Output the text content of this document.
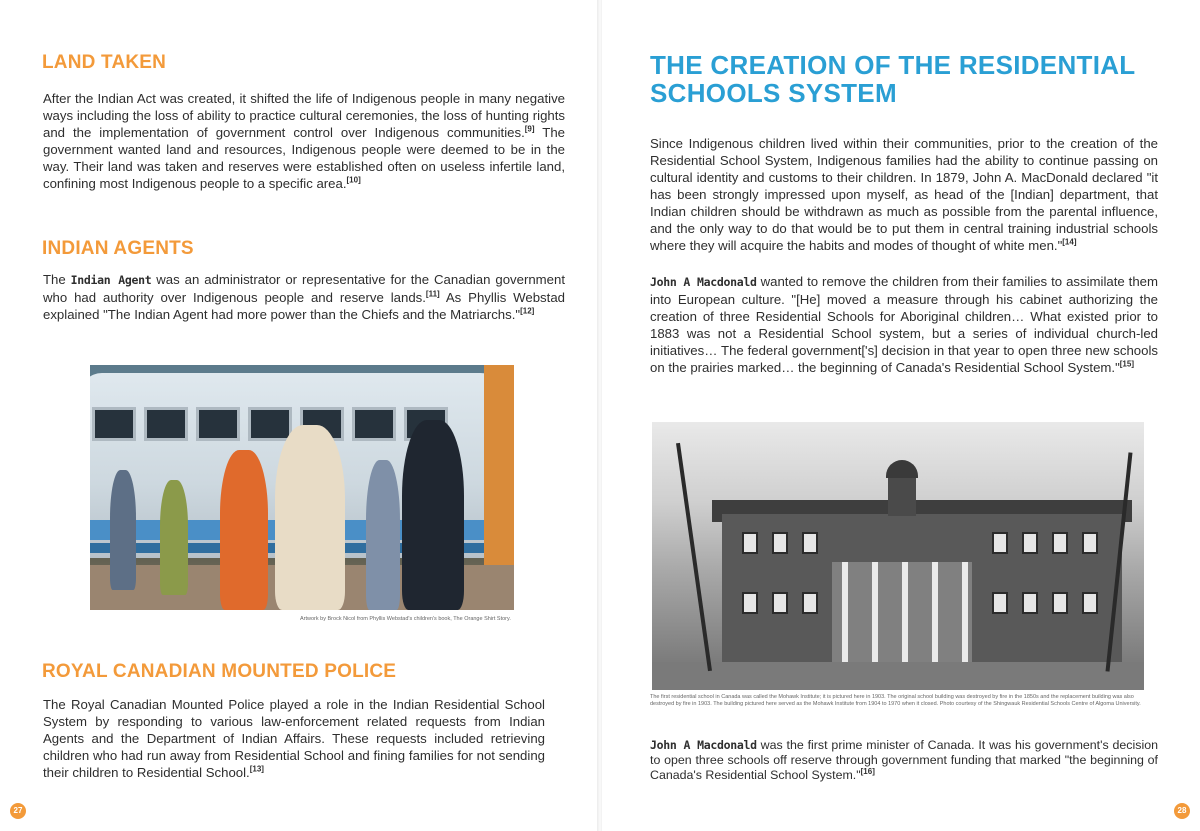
LAND TAKEN
After the Indian Act was created, it shifted the life of Indigenous people in many negative ways including the loss of ability to practice cultural ceremonies, the loss of hunting rights and the implementation of government control over Indigenous communities.[9] The government wanted land and resources, Indigenous people were deemed to be in the way. Their land was taken and reserves were established often on useless infertile land, confining most Indigenous people to a specific area.[10]
INDIAN AGENTS
The Indian Agent was an administrator or representative for the Canadian government who had authority over Indigenous people and reserve lands.[11] As Phyllis Webstad explained "The Indian Agent had more power than the Chiefs and the Matriarchs."[12]
ROYAL CANADIAN MOUNTED POLICE
The Royal Canadian Mounted Police played a role in the Indian Residential School System by responding to various law-enforcement related requests from Indian Agents and the Department of Indian Affairs. These requests included retrieving children who had run away from Residential School and fining families for not sending their children to Residential School.[13]
27
Artwork by Brock Nicol from Phyllis Webstad's children's book, The Orange Shirt Story.
THE CREATION OF THE RESIDENTIAL SCHOOLS SYSTEM
Since Indigenous children lived within their communities, prior to the creation of the Residential School System, Indigenous families had the ability to continue passing on cultural identity and customs to their children. In 1879, John A. MacDonald declared "it has been strongly impressed upon myself, as head of the [Indian] department, that Indian children should be withdrawn as much as possible from the parental influence, and the only way to do that would be to put them in central training industrial schools where they will acquire the habits and modes of thought of white men."[14]
John A Macdonald wanted to remove the children from their families to assimilate them into European culture. "[He] moved a measure through his cabinet authorizing the creation of three Residential Schools for Aboriginal children… What existed prior to 1883 was not a Residential School system, but a series of individual church-led initiatives… The federal government['s] decision in that year to open three new schools on the prairies marked… the beginning of Canada's Residential School System."[15]
The first residential school in Canada was called the Mohawk Institute; it is pictured here in 1903. The original school building was destroyed by fire in the 1850s and the replacement building was also destroyed by fire in 1903. The building pictured here served as the Mohawk Institute from 1904 to 1970 when it closed. Photo courtesy of the Shingwauk Residential Schools Centre of Algoma University.
John A Macdonald was the first prime minister of Canada. It was his government's decision to open three schools off reserve through government funding that marked "the beginning of Canada's Residential School System."[16]
28
